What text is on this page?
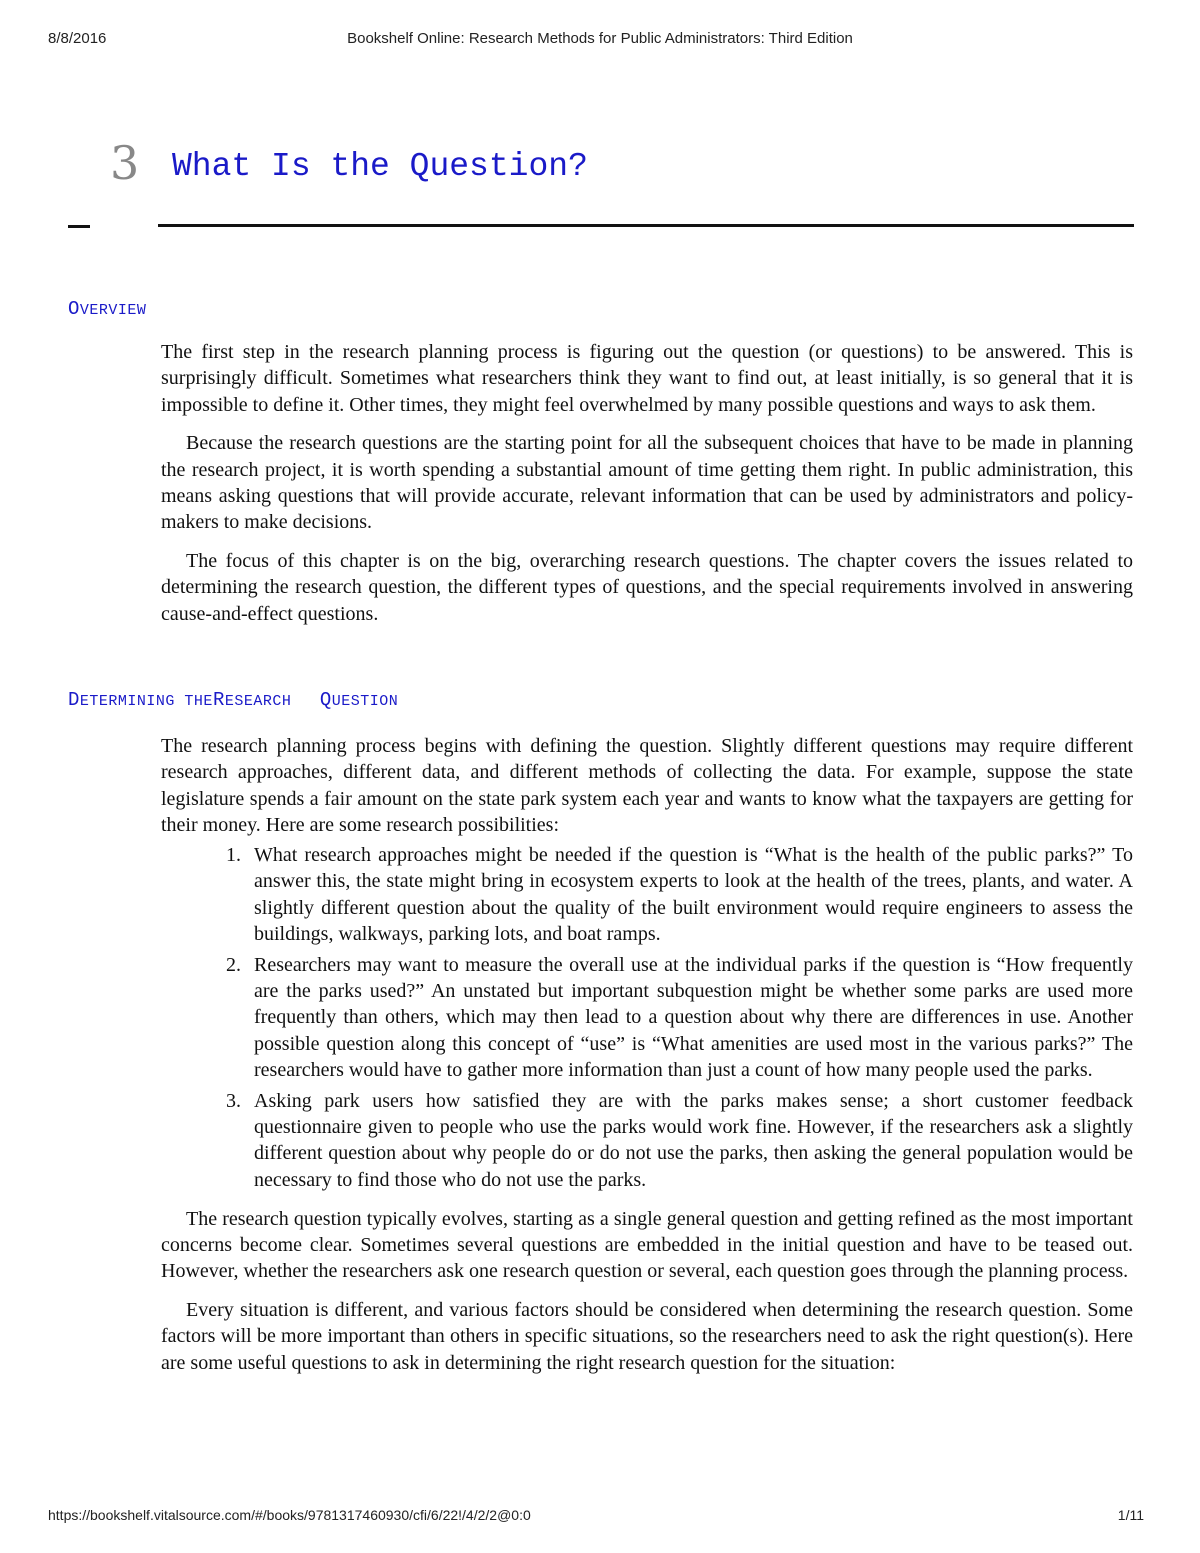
8/8/2016	Bookshelf Online: Research Methods for Public Administrators: Third Edition
3 What Is the Question?
OVERVIEW

The first step in the research planning process is figuring out the question (or questions) to be answered. This is surprisingly difficult. Sometimes what researchers think they want to find out, at least initially, is so general that it is impossible to define it. Other times, they might feel overwhelmed by many possible questions and ways to ask them.

Because the research questions are the starting point for all the subsequent choices that have to be made in planning the research project, it is worth spending a substantial amount of time getting them right. In public administration, this means asking questions that will provide accurate, relevant information that can be used by administrators and policy-makers to make decisions.

The focus of this chapter is on the big, overarching research questions. The chapter covers the issues related to determining the research question, the different types of questions, and the special requirements involved in answering cause-and-effect questions.

DETERMINING THERESEARCH QUESTION

The research planning process begins with defining the question. Slightly different questions may require different research approaches, different data, and different methods of collecting the data. For example, suppose the state legislature spends a fair amount on the state park system each year and wants to know what the taxpayers are getting for their money. Here are some research possibilities:

1. What research approaches might be needed if the question is “What is the health of the public parks?” To answer this, the state might bring in ecosystem experts to look at the health of the trees, plants, and water. A slightly different question about the quality of the built environment would require engineers to assess the buildings, walkways, parking lots, and boat ramps.
2. Researchers may want to measure the overall use at the individual parks if the question is “How frequently are the parks used?” An unstated but important subquestion might be whether some parks are used more frequently than others, which may then lead to a question about why there are differences in use. Another possible question along this concept of “use” is “What amenities are used most in the various parks?” The researchers would have to gather more information than just a count of how many people used the parks.
3. Asking park users how satisfied they are with the parks makes sense; a short customer feedback questionnaire given to people who use the parks would work fine. However, if the researchers ask a slightly different question about why people do or do not use the parks, then asking the general population would be necessary to find those who do not use the parks.

The research question typically evolves, starting as a single general question and getting refined as the most important concerns become clear. Sometimes several questions are embedded in the initial question and have to be teased out. However, whether the researchers ask one research question or several, each question goes through the planning process.

Every situation is different, and various factors should be considered when determining the research question. Some factors will be more important than others in specific situations, so the researchers need to ask the right question(s). Here are some useful questions to ask in determining the right research question for the situation:

https://bookshelf.vitalsource.com/#/books/9781317460930/cfi/6/22!/4/2/2@0:0	1/11
